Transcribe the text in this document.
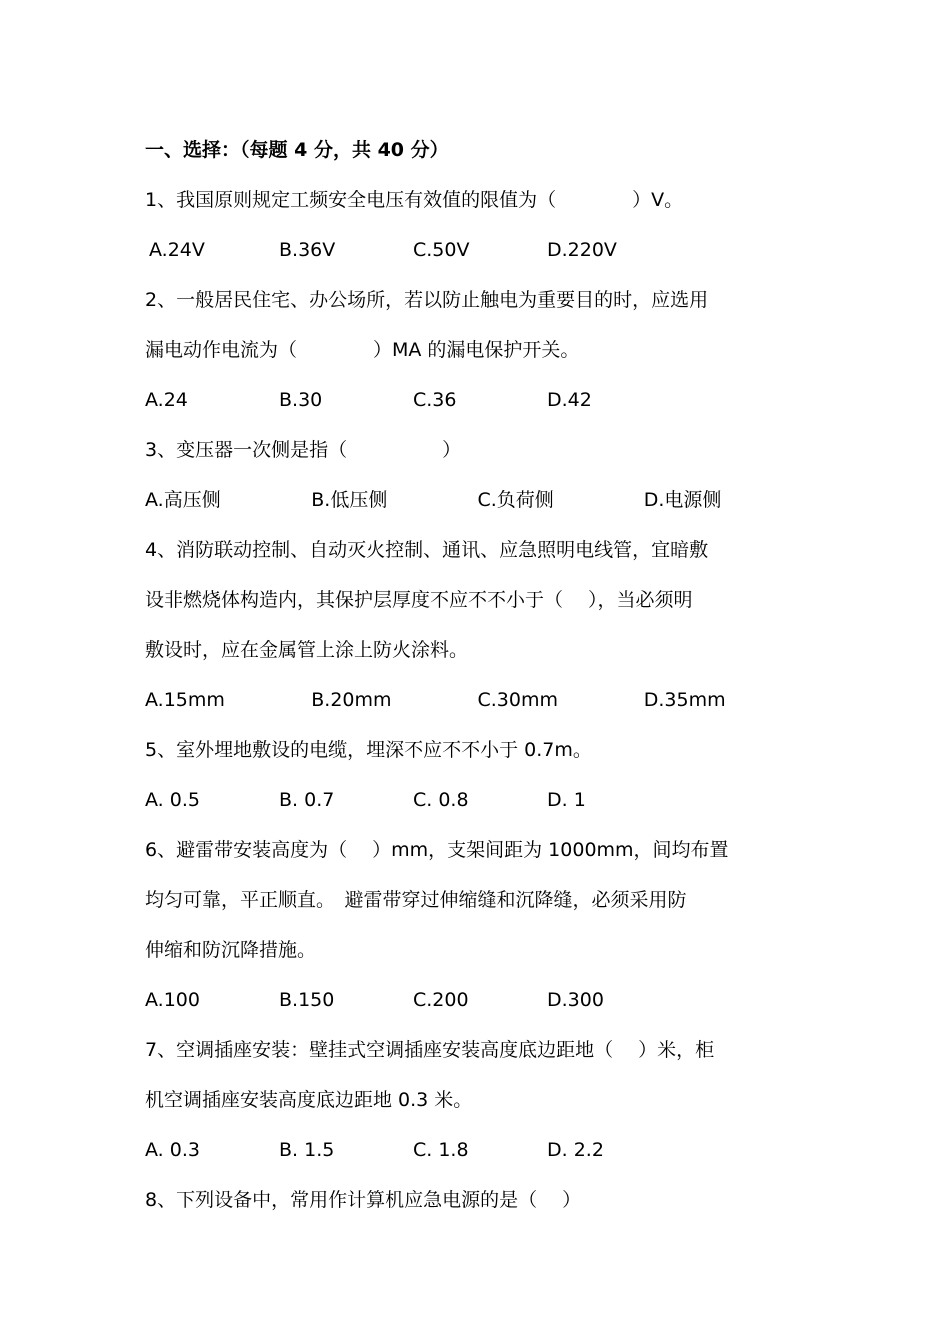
一、选择：（每题 4 分，共 40 分）
1、我国原则规定工频安全电压有效值的限值为（　　　　）V。
A.24V	B.36V	C.50V	D.220V
2、一般居民住宅、办公场所，若以防止触电为重要目的时，应选用
漏电动作电流为（　　　　）MA 的漏电保护开关。
A.24	B.30	C.36	D.42
3、变压器一次侧是指（　　　　　）
A.高压侧	B.低压侧	C.负荷侧	D.电源侧
4、消防联动控制、自动灭火控制、通讯、应急照明电线管，宜暗敷
设非燃烧体构造内，其保护层厚度不应不不小于（　 ），当必须明
敷设时，应在金属管上涂上防火涂料。
A.15mm	B.20mm	C.30mm	D.35mm
5、室外埋地敷设的电缆，埋深不应不不小于 0.7m。
A. 0.5	B. 0.7	C. 0.8	D. 1
6、避雷带安装高度为（　 ）mm，支架间距为 1000mm，间均布置
均匀可靠，平正顺直。　避雷带穿过伸缩缝和沉降缝，必须采用防
伸缩和防沉降措施。
A.100	B.150	C.200	D.300
7、空调插座安装：壁挂式空调插座安装高度底边距地（　 ）米，柜
机空调插座安装高度底边距地 0.3 米。
A. 0.3	B. 1.5	C. 1.8	D. 2.2
8、下列设备中，常用作计算机应急电源的是（　 ）
